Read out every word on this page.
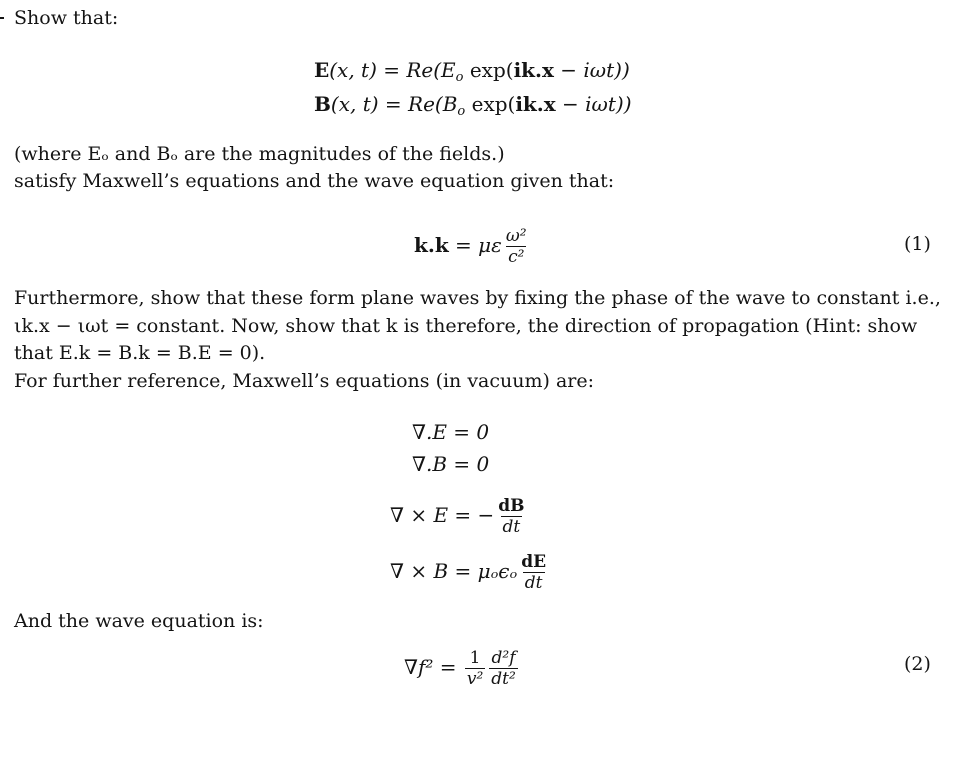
Show that:
E(x, $t) = Re(E_o$ exp(ik.x − iωt))
B(x, $t) = Re(B_o$ exp(ik.x − iωt))
(where Eₒ and Bₒ are the magnitudes of the fields.)
satisfy Maxwell’s equations and the wave equation given that:
k.k = με $\frac{\text{ω²}}{\text{c²}}$	(1)
Furthermore, show that these form plane waves by fixing the phase of the wave to constant i.e.,
ιk.x − ιωt = constant. Now, show that k is therefore, the direction of propagation (Hint: show
that E.k = B.k = B.E = 0).
For further reference, Maxwell’s equations (in vacuum) are:
∇.E = 0
∇.B = 0
∇ × E = − $\frac{dB}{dt}$
∇ × B = μₒϵₒ $\frac{dE}{dt}$
And the wave equation is:
$\nabla f^2 = \frac{1}{\text{v²}} \frac{\text{d²f}}{\text{dt²}}$	(2)
